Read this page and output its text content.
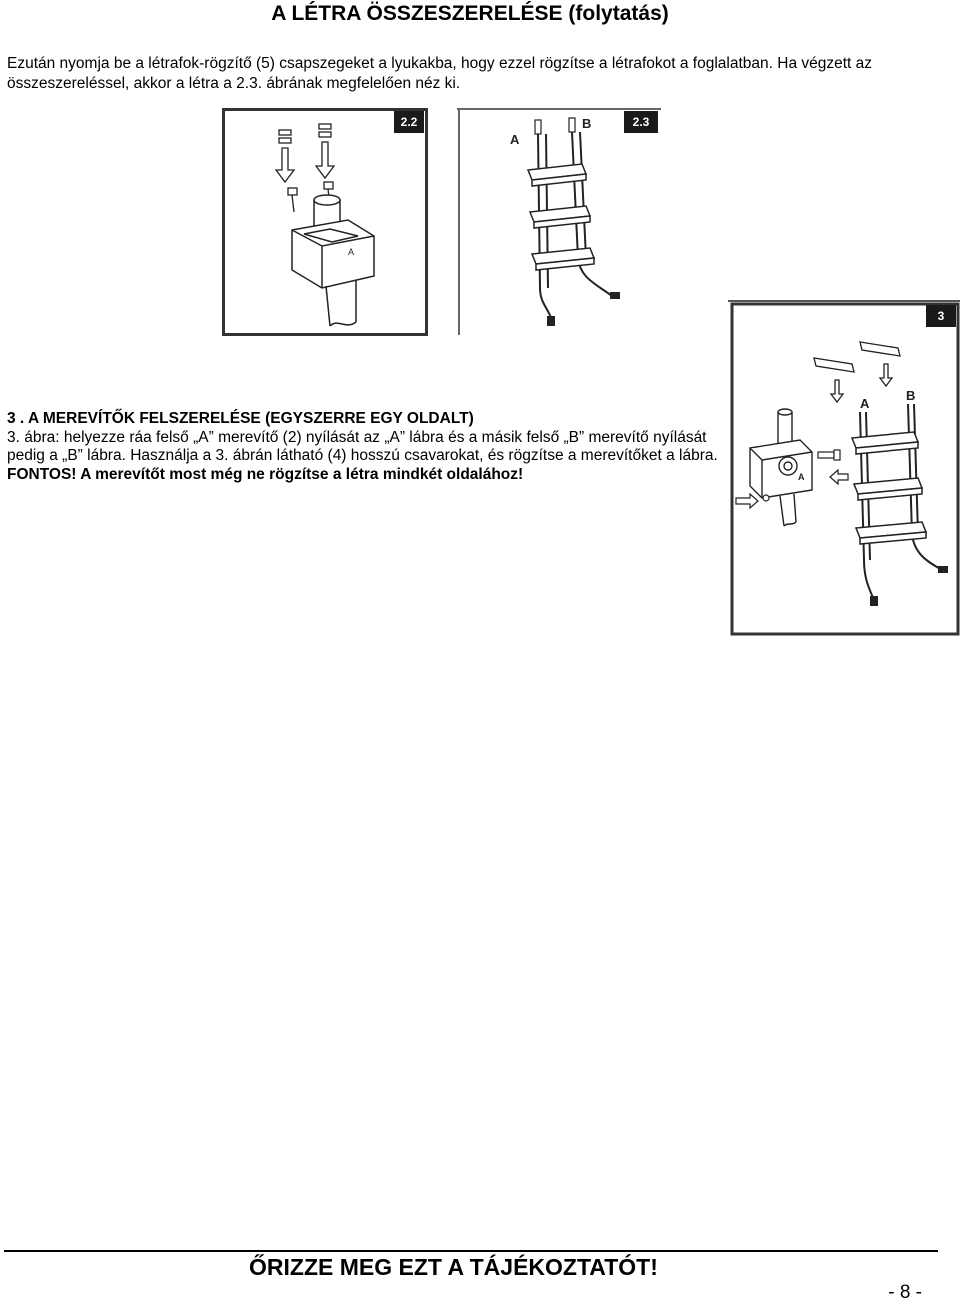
A LÉTRA ÖSSZESZERELÉSE (folytatás)

Ezután nyomja be a létrafok-rögzítő (5) csapszegeket a lyukakba, hogy ezzel rögzítse a létrafokot a foglalatban. Ha végzett az összeszereléssel, akkor a létra a 2.3. ábrának megfelelően néz ki.

A
2.2
A
B	2.3
A
B
A
3
3 . A MEREVÍTŐK FELSZERELÉSE (EGYSZERRE EGY OLDALT)
3. ábra: helyezze ráa felső „A” merevítő (2) nyílását az „A” lábra és a másik felső „B” merevítő nyílását pedig a „B” lábra. Használja a 3. ábrán látható (4) hosszú csavarokat, és rögzítse a merevítőket a lábra.
FONTOS! A merevítőt most még ne rögzítse a létra mindkét oldalához!
ŐRIZZE MEG EZT A TÁJÉKOZTATÓT!
- 8 -
